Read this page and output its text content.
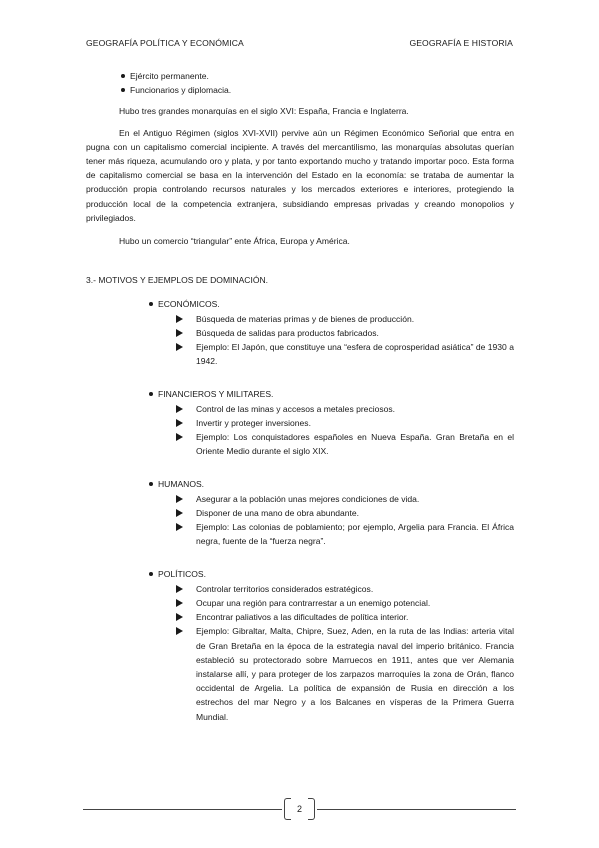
GEOGRAFÍA POLÍTICA Y ECONÓMICA	GEOGRAFÍA E HISTORIA
Ejército permanente.
Funcionarios y diplomacia.

Hubo tres grandes monarquías en el siglo XVI: España, Francia e Inglaterra.

En el Antiguo Régimen (siglos XVI-XVII) pervive aún un Régimen Económico Señorial que entra en pugna con un capitalismo comercial incipiente. A través del mercantilismo, las monarquías absolutas querían tener más riqueza, acumulando oro y plata, y por tanto exportando mucho y tratando importar poco. Esta forma de capitalismo comercial se basa en la intervención del Estado en la economía: se trataba de aumentar la producción propia controlando recursos naturales y los mercados exteriores e interiores, protegiendo la producción local de la competencia extranjera, subsidiando empresas privadas y creando monopolios y privilegiados.

Hubo un comercio “triangular” ente África, Europa y América.

3.- MOTIVOS Y EJEMPLOS DE DOMINACIÓN.

ECONÓMICOS.
Búsqueda de materias primas y de bienes de producción.
Búsqueda de salidas para productos fabricados.
Ejemplo: El Japón, que constituye una “esfera de coprosperidad asiática” de 1930 a 1942.
FINANCIEROS Y MILITARES.
Control de las minas y accesos a metales preciosos.
Invertir y proteger inversiones.
Ejemplo: Los conquistadores españoles en Nueva España. Gran Bretaña en el Oriente Medio durante el siglo XIX.
HUMANOS.
Asegurar a la población unas mejores condiciones de vida.
Disponer de una mano de obra abundante.
Ejemplo: Las colonias de poblamiento; por ejemplo, Argelia para Francia. El África negra, fuente de la “fuerza negra”.
POLÍTICOS.
Controlar territorios considerados estratégicos.
Ocupar una región para contrarrestar a un enemigo potencial.
Encontrar paliativos a las dificultades de política interior.
Ejemplo: Gibraltar, Malta, Chipre, Suez, Aden, en la ruta de las Indias: arteria vital de Gran Bretaña en la época de la estrategia naval del imperio británico. Francia estableció su protectorado sobre Marruecos en 1911, antes que ver Alemania instalarse allí, y para proteger de los zarpazos marroquíes la zona de Orán, flanco occidental de Argelia. La política de expansión de Rusia en dirección a los estrechos del mar Negro y a los Balcanes en vísperas de la Primera Guerra Mundial.
2
